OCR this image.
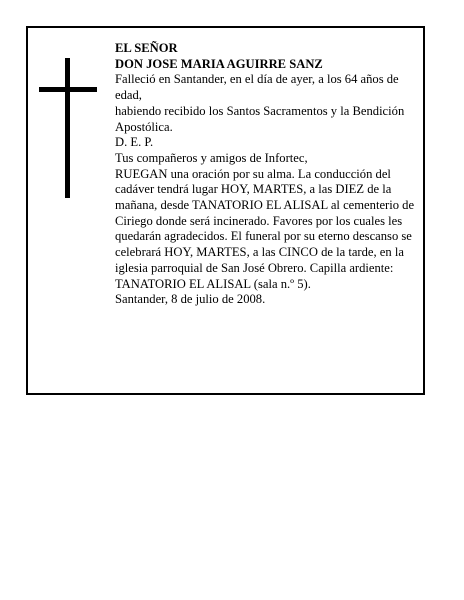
EL SEÑOR
DON JOSE MARIA AGUIRRE SANZ
Falleció en Santander, en el día de ayer, a los 64 años de edad,
habiendo recibido los Santos Sacramentos y la Bendición Apostólica.
D. E. P.
Tus compañeros y amigos de Infortec,
RUEGAN una oración por su alma. La conducción del cadáver tendrá lugar HOY, MARTES, a las DIEZ de la mañana, desde TANATORIO EL ALISAL al cementerio de Ciriego donde será incinerado. Favores por los cuales les quedarán agradecidos. El funeral por su eterno descanso se celebrará HOY, MARTES, a las CINCO de la tarde, en la iglesia parroquial de San José Obrero. Capilla ardiente: TANATORIO EL ALISAL (sala n.º 5).
Santander, 8 de julio de 2008.
